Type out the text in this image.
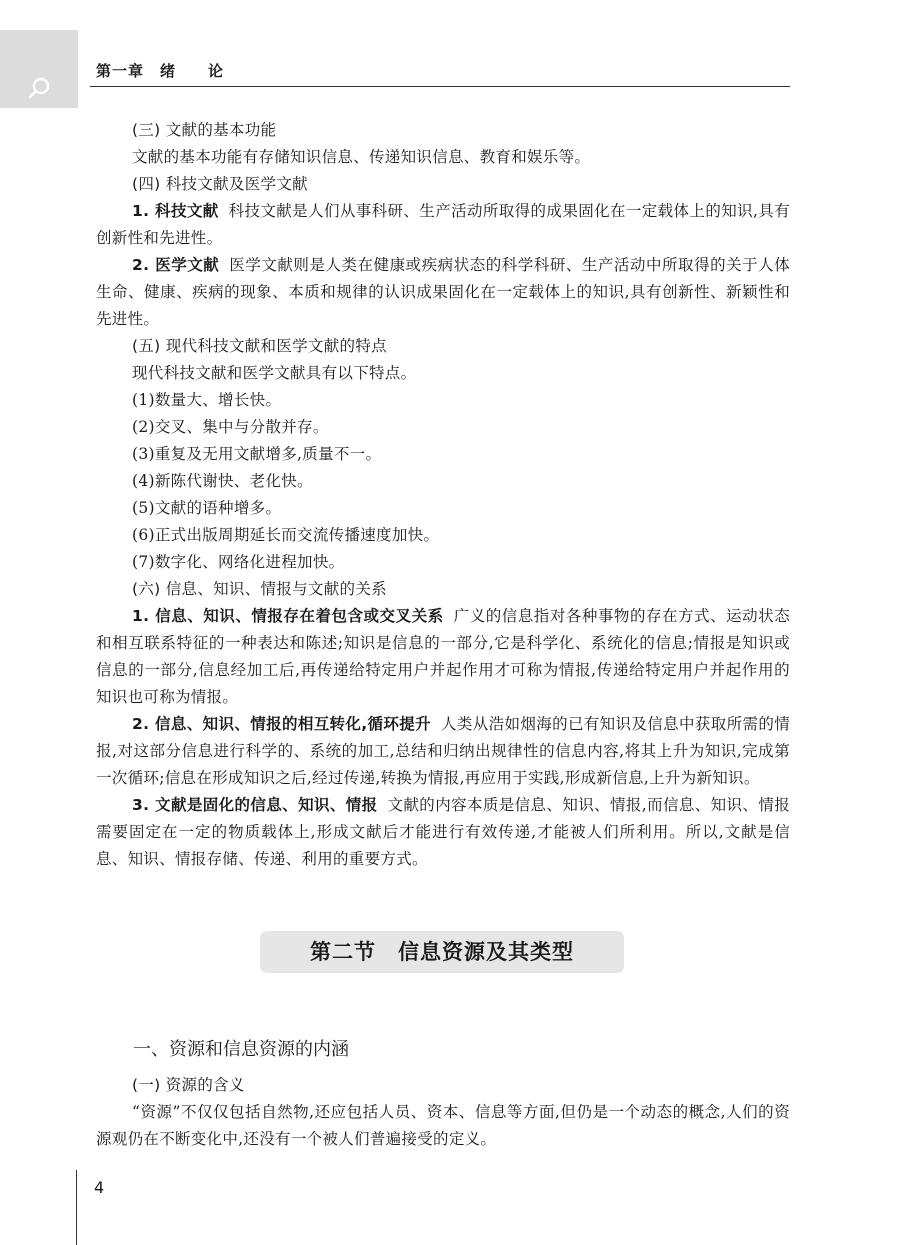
第一章　绪　　论

(三) 文献的基本功能

文献的基本功能有存储知识信息、传递知识信息、教育和娱乐等。

(四) 科技文献及医学文献

1. 科技文献 科技文献是人们从事科研、生产活动所取得的成果固化在一定载体上的知识,具有创新性和先进性。

2. 医学文献 医学文献则是人类在健康或疾病状态的科学科研、生产活动中所取得的关于人体生命、健康、疾病的现象、本质和规律的认识成果固化在一定载体上的知识,具有创新性、新颖性和先进性。

(五) 现代科技文献和医学文献的特点

现代科技文献和医学文献具有以下特点。

(1)数量大、增长快。

(2)交叉、集中与分散并存。

(3)重复及无用文献增多,质量不一。

(4)新陈代谢快、老化快。

(5)文献的语种增多。

(6)正式出版周期延长而交流传播速度加快。

(7)数字化、网络化进程加快。

(六) 信息、知识、情报与文献的关系

1. 信息、知识、情报存在着包含或交叉关系 广义的信息指对各种事物的存在方式、运动状态和相互联系特征的一种表达和陈述;知识是信息的一部分,它是科学化、系统化的信息;情报是知识或信息的一部分,信息经加工后,再传递给特定用户并起作用才可称为情报,传递给特定用户并起作用的知识也可称为情报。

2. 信息、知识、情报的相互转化,循环提升 人类从浩如烟海的已有知识及信息中获取所需的情报,对这部分信息进行科学的、系统的加工,总结和归纳出规律性的信息内容,将其上升为知识,完成第一次循环;信息在形成知识之后,经过传递,转换为情报,再应用于实践,形成新信息,上升为新知识。

3. 文献是固化的信息、知识、情报 文献的内容本质是信息、知识、情报,而信息、知识、情报需要固定在一定的物质载体上,形成文献后才能进行有效传递,才能被人们所利用。所以,文献是信息、知识、情报存储、传递、利用的重要方式。

第二节　信息资源及其类型
一、资源和信息资源的内涵

(一) 资源的含义

“资源”不仅仅包括自然物,还应包括人员、资本、信息等方面,但仍是一个动态的概念,人们的资源观仍在不断变化中,还没有一个被人们普遍接受的定义。

4
